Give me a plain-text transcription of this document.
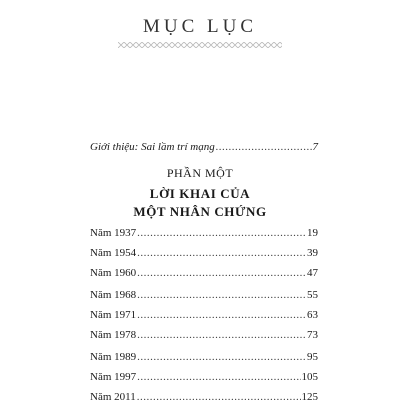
MỤC LỤC
Giới thiệu: Sai lầm trí mạng .....	7
PHẦN MỘT
LỜI KHAI CỦA
MỘT NHÂN CHỨNG
Năm 1937 .....	19
Năm 1954 .....	39
Năm 1960 .....	47
Năm 1968 .....	55
Năm 1971 .....	63
Năm 1978 .....	73
Năm 1989 .....	95
Năm 1997 .....	105
Năm 2011 .....	125
